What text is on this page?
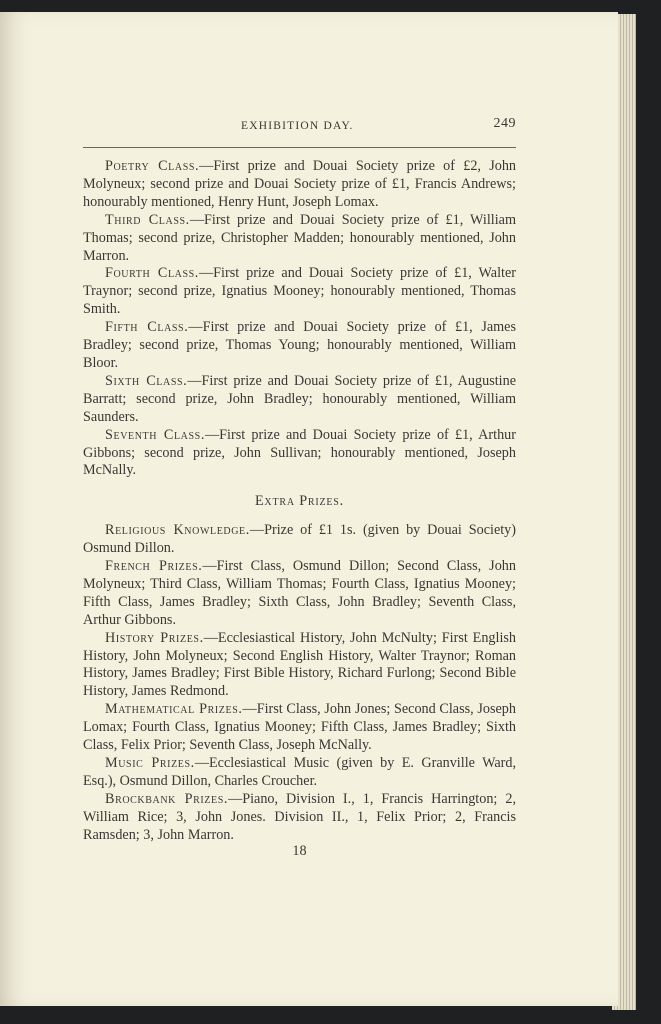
EXHIBITION DAY.	249

Poetry Class.—First prize and Douai Society prize of £2, John Molyneux; second prize and Douai Society prize of £1, Francis Andrews; honourably mentioned, Henry Hunt, Joseph Lomax.

Third Class.—First prize and Douai Society prize of £1, William Thomas; second prize, Christopher Madden; honourably mentioned, John Marron.

Fourth Class.—First prize and Douai Society prize of £1, Walter Traynor; second prize, Ignatius Mooney; honourably mentioned, Thomas Smith.

Fifth Class.—First prize and Douai Society prize of £1, James Bradley; second prize, Thomas Young; honourably mentioned, William Bloor.

Sixth Class.—First prize and Douai Society prize of £1, Augustine Barratt; second prize, John Bradley; honourably mentioned, William Saunders.

Seventh Class.—First prize and Douai Society prize of £1, Arthur Gibbons; second prize, John Sullivan; honourably mentioned, Joseph McNally.

Extra Prizes.

Religious Knowledge.—Prize of £1 1s. (given by Douai Society) Osmund Dillon.

French Prizes.—First Class, Osmund Dillon; Second Class, John Molyneux; Third Class, William Thomas; Fourth Class, Ignatius Mooney; Fifth Class, James Bradley; Sixth Class, John Bradley; Seventh Class, Arthur Gibbons.

History Prizes.—Ecclesiastical History, John McNulty; First English History, John Molyneux; Second English History, Walter Traynor; Roman History, James Bradley; First Bible History, Richard Furlong; Second Bible History, James Redmond.

Mathematical Prizes.—First Class, John Jones; Second Class, Joseph Lomax; Fourth Class, Ignatius Mooney; Fifth Class, James Bradley; Sixth Class, Felix Prior; Seventh Class, Joseph McNally.

Music Prizes.—Ecclesiastical Music (given by E. Granville Ward, Esq.), Osmund Dillon, Charles Croucher.

Brockbank Prizes.—Piano, Division I., 1, Francis Harrington; 2, William Rice; 3, John Jones. Division II., 1, Felix Prior; 2, Francis Ramsden; 3, John Marron.

18
